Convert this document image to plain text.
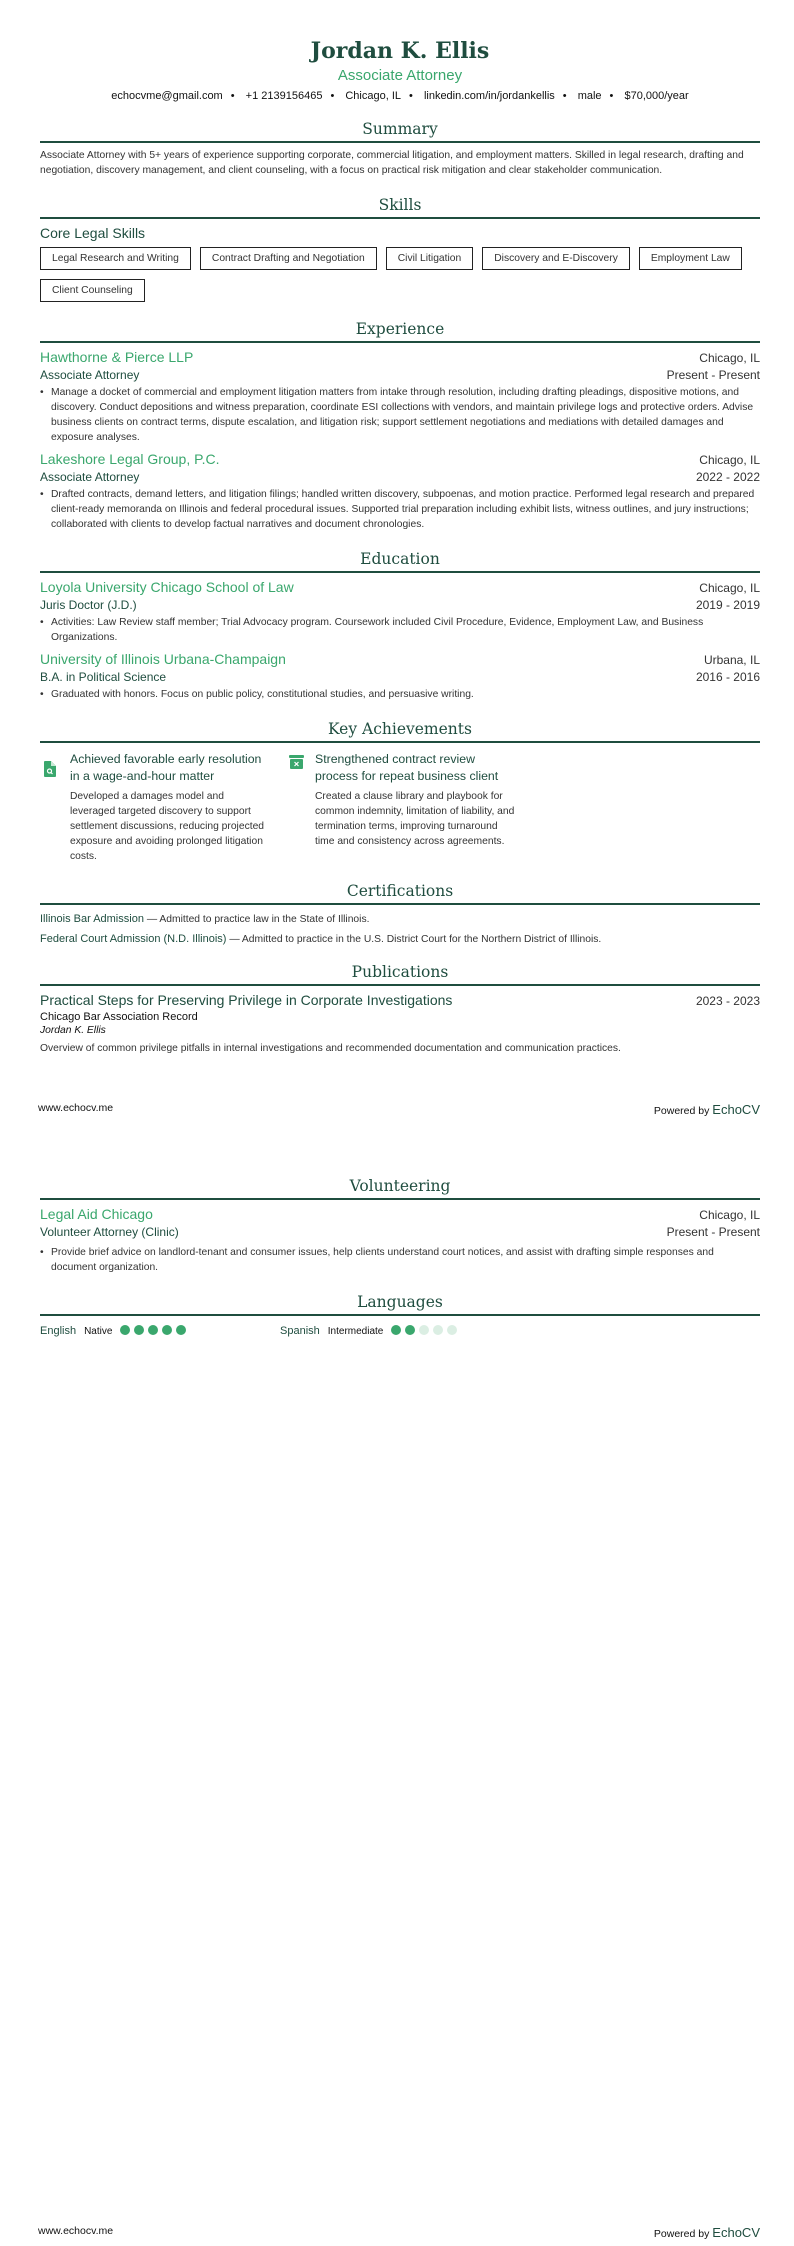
Jordan K. Ellis
Associate Attorney
echocvme@gmail.com • +1 2139156465 • Chicago, IL • linkedin.com/in/jordankellis • male • $70,000/year
Summary
Associate Attorney with 5+ years of experience supporting corporate, commercial litigation, and employment matters. Skilled in legal research, drafting and negotiation, discovery management, and client counseling, with a focus on practical risk mitigation and clear stakeholder communication.
Skills
Core Legal Skills
Legal Research and Writing	Contract Drafting and Negotiation	Civil Litigation	Discovery and E-Discovery	Employment Law
Client Counseling
Experience
Hawthorne & Pierce LLP	Chicago, IL
Associate Attorney	Present - Present
• Manage a docket of commercial and employment litigation matters from intake through resolution, including drafting pleadings, dispositive motions, and discovery. Conduct depositions and witness preparation, coordinate ESI collections with vendors, and maintain privilege logs and protective orders. Advise business clients on contract terms, dispute escalation, and litigation risk; support settlement negotiations and mediations with detailed damages and exposure analyses.
Lakeshore Legal Group, P.C.	Chicago, IL
Associate Attorney	2022 - 2022
• Drafted contracts, demand letters, and litigation filings; handled written discovery, subpoenas, and motion practice. Performed legal research and prepared client-ready memoranda on Illinois and federal procedural issues. Supported trial preparation including exhibit lists, witness outlines, and jury instructions; collaborated with clients to develop factual narratives and document chronologies.
Education
Loyola University Chicago School of Law	Chicago, IL
Juris Doctor (J.D.)	2019 - 2019
• Activities: Law Review staff member; Trial Advocacy program. Coursework included Civil Procedure, Evidence, Employment Law, and Business Organizations.
University of Illinois Urbana-Champaign	Urbana, IL
B.A. in Political Science	2016 - 2016
• Graduated with honors. Focus on public policy, constitutional studies, and persuasive writing.
Key Achievements
Achieved favorable early resolution in a wage-and-hour matter
Developed a damages model and leveraged targeted discovery to support settlement discussions, reducing projected exposure and avoiding prolonged litigation costs.
Strengthened contract review process for repeat business client
Created a clause library and playbook for common indemnity, limitation of liability, and termination terms, improving turnaround time and consistency across agreements.
Certifications
Illinois Bar Admission — Admitted to practice law in the State of Illinois.
Federal Court Admission (N.D. Illinois) — Admitted to practice in the U.S. District Court for the Northern District of Illinois.
Publications
Practical Steps for Preserving Privilege in Corporate Investigations	2023 - 2023
Chicago Bar Association Record
Jordan K. Ellis
Overview of common privilege pitfalls in internal investigations and recommended documentation and communication practices.
www.echocv.me	Powered by EchoCV
Volunteering
Legal Aid Chicago	Chicago, IL
Volunteer Attorney (Clinic)	Present - Present
• Provide brief advice on landlord-tenant and consumer issues, help clients understand court notices, and assist with drafting simple responses and document organization.
Languages
English Native	Spanish Intermediate
www.echocv.me	Powered by EchoCV
